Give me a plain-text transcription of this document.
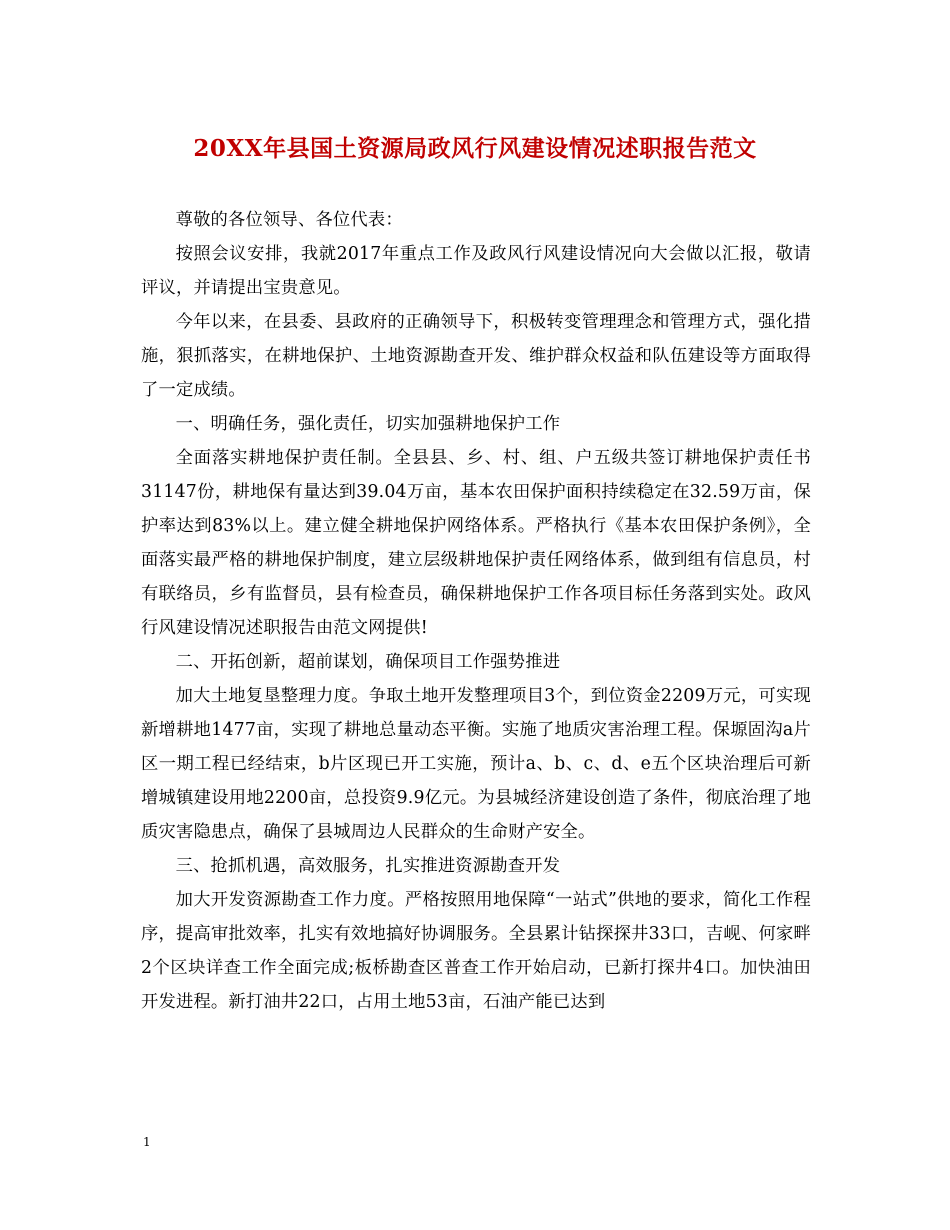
20XX年县国土资源局政风行风建设情况述职报告范文

尊敬的各位领导、各位代表：

按照会议安排，我就2017年重点工作及政风行风建设情况向大会做以汇报，敬请评议，并请提出宝贵意见。

今年以来，在县委、县政府的正确领导下，积极转变管理理念和管理方式，强化措施，狠抓落实，在耕地保护、土地资源勘查开发、维护群众权益和队伍建设等方面取得了一定成绩。

一、明确任务，强化责任，切实加强耕地保护工作

全面落实耕地保护责任制。全县县、乡、村、组、户五级共签订耕地保护责任书31147份，耕地保有量达到39.04万亩，基本农田保护面积持续稳定在32.59万亩，保护率达到83%以上。建立健全耕地保护网络体系。严格执行《基本农田保护条例》，全面落实最严格的耕地保护制度，建立层级耕地保护责任网络体系，做到组有信息员，村有联络员，乡有监督员，县有检查员，确保耕地保护工作各项目标任务落到实处。政风行风建设情况述职报告由范文网提供!

二、开拓创新，超前谋划，确保项目工作强势推进

加大土地复垦整理力度。争取土地开发整理项目3个，到位资金2209万元，可实现新增耕地1477亩，实现了耕地总量动态平衡。实施了地质灾害治理工程。保塬固沟a片区一期工程已经结束，b片区现已开工实施，预计a、b、c、d、e五个区块治理后可新增城镇建设用地2200亩，总投资9.9亿元。为县城经济建设创造了条件，彻底治理了地质灾害隐患点，确保了县城周边人民群众的生命财产安全。

三、抢抓机遇，高效服务，扎实推进资源勘查开发

加大开发资源勘查工作力度。严格按照用地保障“一站式”供地的要求，简化工作程序，提高审批效率，扎实有效地搞好协调服务。全县累计钻探探井33口，吉岘、何家畔2个区块详查工作全面完成;板桥勘查区普查工作开始启动，已新打探井4口。加快油田开发进程。新打油井22口，占用土地53亩，石油产能已达到

1
